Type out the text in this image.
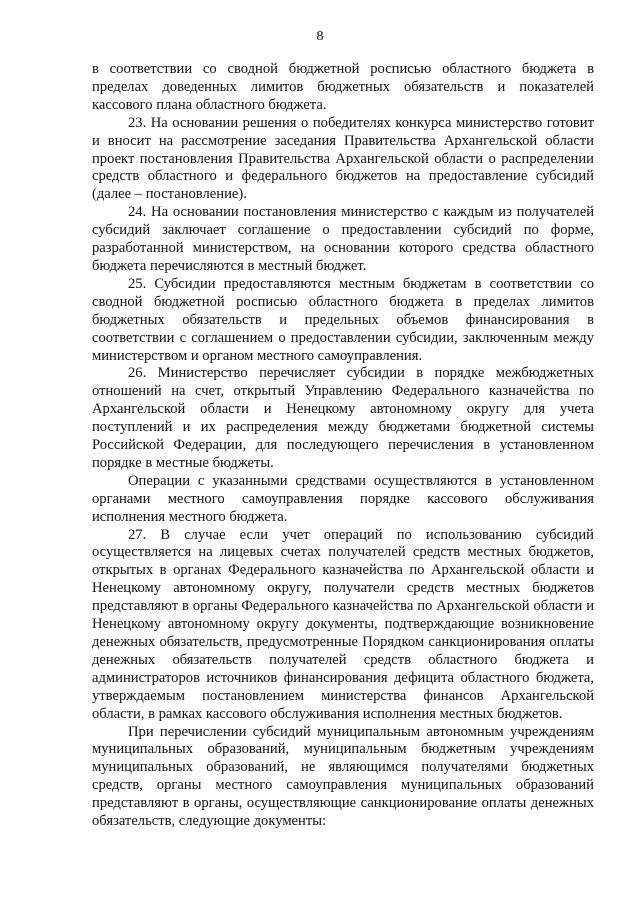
8

в соответствии со сводной бюджетной росписью областного бюджета в пределах доведенных лимитов бюджетных обязательств и показателей кассового плана областного бюджета.

23. На основании решения о победителях конкурса министерство готовит и вносит на рассмотрение заседания Правительства Архангельской области проект постановления Правительства Архангельской области о распределении средств областного и федерального бюджетов на предоставление субсидий (далее – постановление).

24. На основании постановления министерство с каждым из получателей субсидий заключает соглашение о предоставлении субсидий по форме, разработанной министерством, на основании которого средства областного бюджета перечисляются в местный бюджет.

25. Субсидии предоставляются местным бюджетам в соответствии со сводной бюджетной росписью областного бюджета в пределах лимитов бюджетных обязательств и предельных объемов финансирования в соответствии с соглашением о предоставлении субсидии, заключенным между министерством и органом местного самоуправления.

26. Министерство перечисляет субсидии в порядке межбюджетных отношений на счет, открытый Управлению Федерального казначейства по Архангельской области и Ненецкому автономному округу для учета поступлений и их распределения между бюджетами бюджетной системы Российской Федерации, для последующего перечисления в установленном порядке в местные бюджеты.

Операции с указанными средствами осуществляются в установленном органами местного самоуправления порядке кассового обслуживания исполнения местного бюджета.

27. В случае если учет операций по использованию субсидий осуществляется на лицевых счетах получателей средств местных бюджетов, открытых в органах Федерального казначейства по Архангельской области и Ненецкому автономному округу, получатели средств местных бюджетов представляют в органы Федерального казначейства по Архангельской области и Ненецкому автономному округу документы, подтверждающие возникновение денежных обязательств, предусмотренные Порядком санкционирования оплаты денежных обязательств получателей средств областного бюджета и администраторов источников финансирования дефицита областного бюджета, утверждаемым постановлением министерства финансов Архангельской области, в рамках кассового обслуживания исполнения местных бюджетов.

При перечислении субсидий муниципальным автономным учреждениям муниципальных образований, муниципальным бюджетным учреждениям муниципальных образований, не являющимся получателями бюджетных средств, органы местного самоуправления муниципальных образований представляют в органы, осуществляющие санкционирование оплаты денежных обязательств, следующие документы:
